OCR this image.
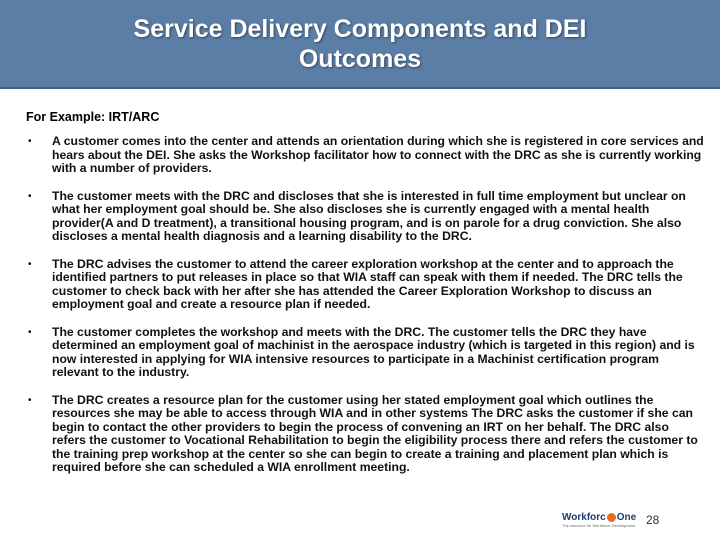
Service Delivery Components and DEI Outcomes
For Example: IRT/ARC
•	A customer comes into the center and attends an orientation during which she is registered in core services and hears about the DEI. She asks the Workshop facilitator how to connect with the DRC as she is currently working with a number of providers.
•	The customer meets with the DRC and discloses that she is interested in full time employment but unclear on what her employment goal should be. She also discloses she is currently engaged with a mental health provider(A and D treatment), a transitional housing program, and is on parole for a drug conviction. She also discloses a mental health diagnosis and a learning disability to the DRC.
•	The DRC advises the customer to attend the career exploration workshop at the center and to approach the identified partners to put releases in place so that WIA staff can speak with them if needed. The DRC tells the customer to check back with her after she has attended the Career Exploration Workshop to discuss an employment goal and create a resource plan if needed.
•	The customer completes the workshop and meets with the DRC. The customer tells the DRC they have determined an employment goal of machinist in the aerospace industry (which is targeted in this region) and is now interested in applying for WIA intensive resources to participate in a Machinist certification program relevant to the industry.
•	The DRC creates a resource plan for the customer using her stated employment goal which outlines the resources she may be able to access through WIA and in other systems The DRC asks the customer if she can begin to contact the other providers to begin the process of convening an IRT on her behalf. The DRC also refers the customer to Vocational Rehabilitation to begin the eligibility process there and refers the customer to the training prep workshop at the center so she can begin to create a training and placement plan which is required before she can scheduled a WIA enrollment meeting.
Workforc One
The resource for Workforce Development 28
